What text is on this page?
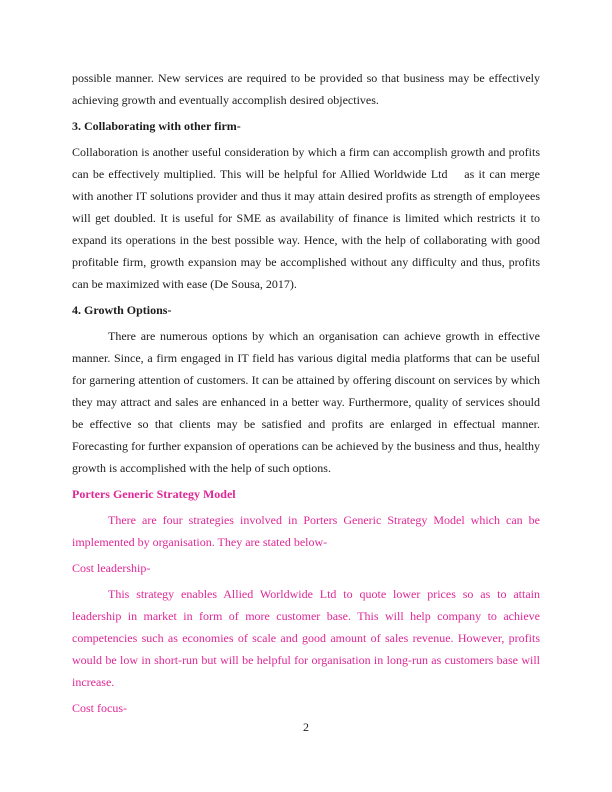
possible manner. New services are required to be provided so that business may be effectively achieving growth and eventually accomplish desired objectives.

3. Collaborating with other firm-

Collaboration is another useful consideration by which a firm can accomplish growth and profits can be effectively multiplied. This will be helpful for Allied Worldwide Ltd    as it can merge with another IT solutions provider and thus it may attain desired profits as strength of employees will get doubled. It is useful for SME as availability of finance is limited which restricts it to expand its operations in the best possible way. Hence, with the help of collaborating with good profitable firm, growth expansion may be accomplished without any difficulty and thus, profits can be maximized with ease (De Sousa, 2017).

4. Growth Options-

There are numerous options by which an organisation can achieve growth in effective manner. Since, a firm engaged in IT field has various digital media platforms that can be useful for garnering attention of customers. It can be attained by offering discount on services by which they may attract and sales are enhanced in a better way. Furthermore, quality of services should be effective so that clients may be satisfied and profits are enlarged in effectual manner. Forecasting for further expansion of operations can be achieved by the business and thus, healthy growth is accomplished with the help of such options.

Porters Generic Strategy Model

There are four strategies involved in Porters Generic Strategy Model which can be implemented by organisation. They are stated below-

Cost leadership-

This strategy enables Allied Worldwide Ltd to quote lower prices so as to attain leadership in market in form of more customer base. This will help company to achieve competencies such as economies of scale and good amount of sales revenue. However, profits would be low in short-run but will be helpful for organisation in long-run as customers base will increase.

Cost focus-

2
